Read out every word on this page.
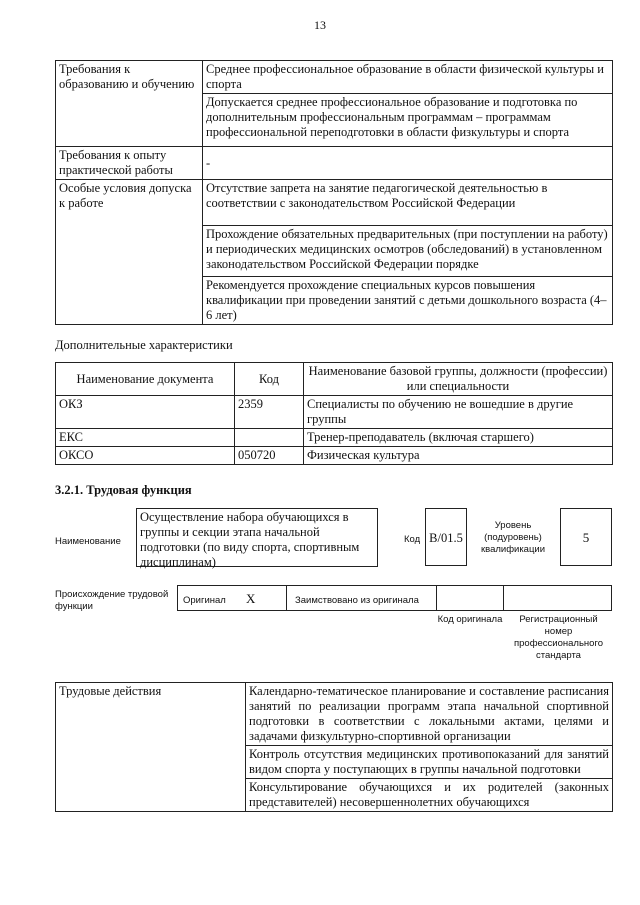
13
Требования к образованию и обучению	Среднее профессиональное образование в области физической культуры и спорта
	Допускается среднее профессиональное образование и подготовка по дополнительным профессиональным программам – программам профессиональной переподготовки в области физкультуры и спорта
Требования к опыту практической работы	-
Особые условия допуска к работе	Отсутствие запрета на занятие педагогической деятельностью в соответствии с законодательством Российской Федерации
	Прохождение обязательных предварительных (при поступлении на работу) и периодических медицинских осмотров (обследований) в установленном законодательством Российской Федерации порядке
	Рекомендуется прохождение специальных курсов повышения квалификации при проведении занятий с детьми дошкольного возраста (4–6 лет)
Дополнительные характеристики
Наименование документа	Код	Наименование базовой группы, должности (профессии) или специальности
ОКЗ	2359	Специалисты по обучению не вошедшие в другие группы
ЕКС		Тренер-преподаватель (включая старшего)
ОКСО	050720	Физическая культура
3.2.1. Трудовая функция
Наименование
Осуществление набора обучающихся в группы и секции этапа начальной подготовки (по виду спорта, спортивным дисциплинам)
Код B/01.5
Уровень (подуровень) квалификации
5
Происхождение трудовой функции
Оригинал X	Заимствовано из оригинала
Код оригинала	Регистрационный номер профессионального стандарта
Трудовые действия	Календарно-тематическое планирование и составление расписания занятий по реализации программ этапа начальной спортивной подготовки в соответствии с локальными актами, целями и задачами физкультурно-спортивной организации
Контроль отсутствия медицинских противопоказаний для занятий видом спорта у поступающих в группы начальной подготовки
Консультирование обучающихся и их родителей (законных представителей) несовершеннолетних обучающихся
